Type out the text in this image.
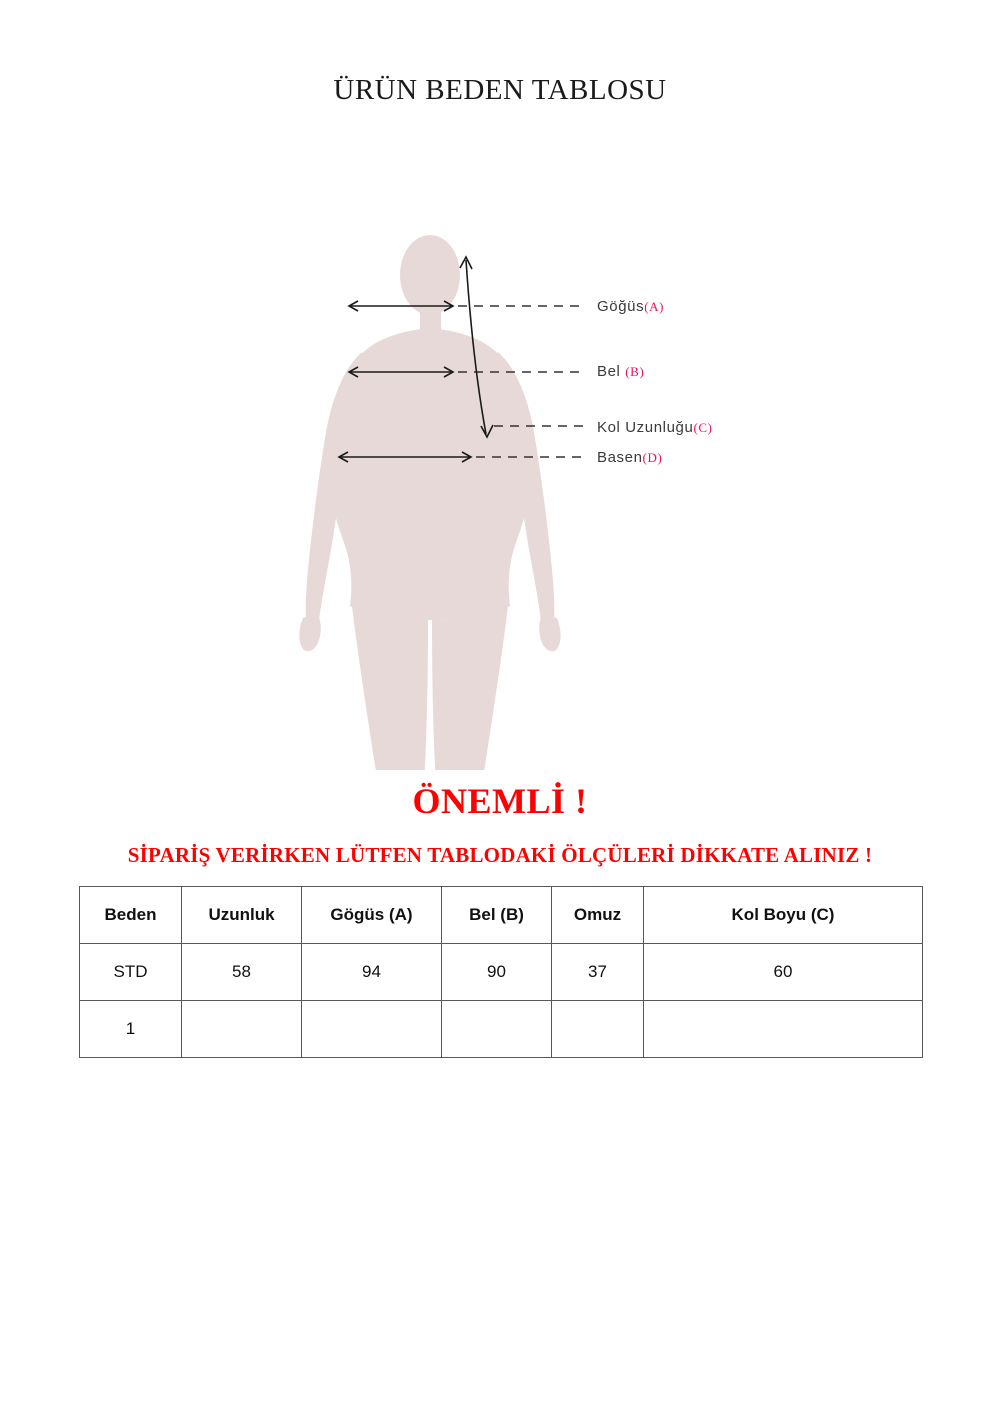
ÜRÜN BEDEN TABLOSU
Göğüs(A)
Bel (B)
Kol Uzunluğu(C)
Basen(D)
ÖNEMLİ !
SİPARİŞ VERİRKEN LÜTFEN TABLODAKİ ÖLÇÜLERİ DİKKATE ALINIZ !
Beden	Uzunluk	Gögüs (A)	Bel (B)	Omuz	Kol Boyu (C)
STD	58	94	90	37	60
1					
